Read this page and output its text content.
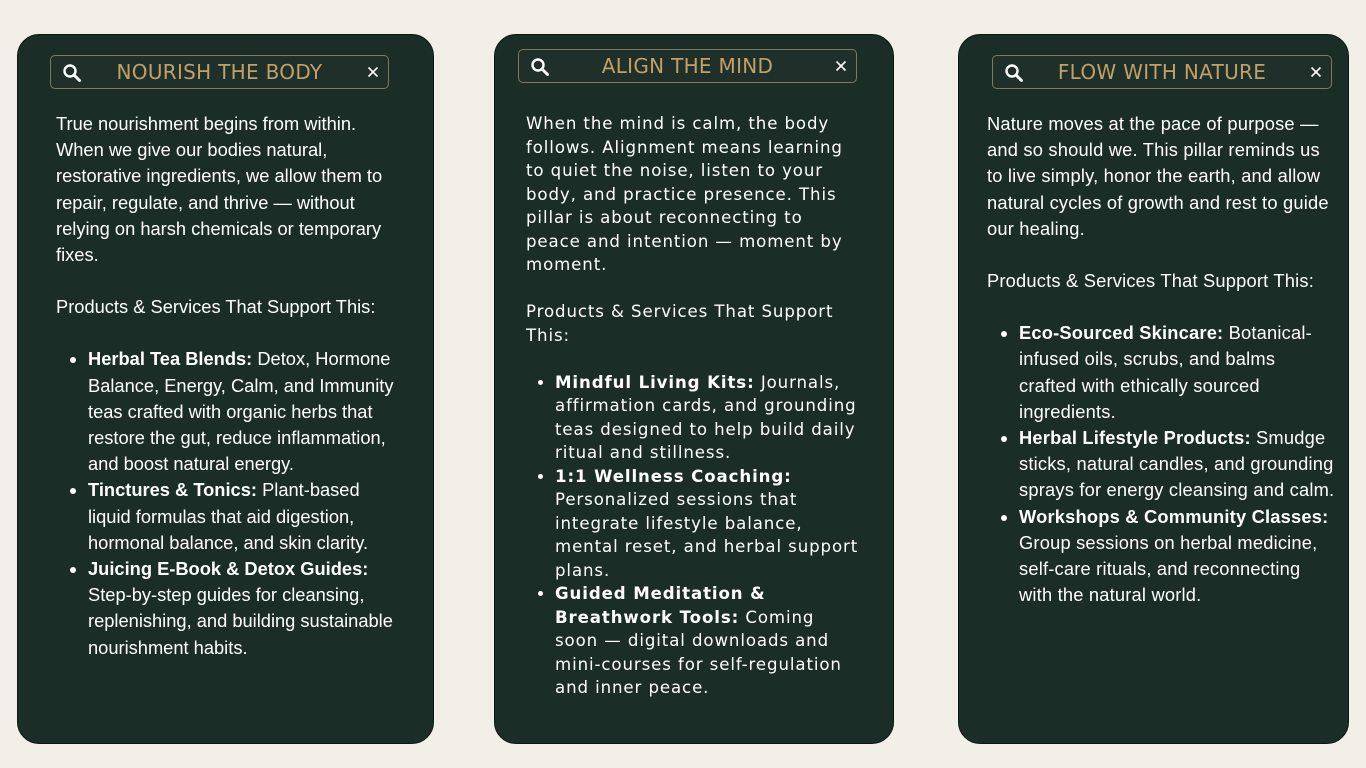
NOURISH THE BODY

True nourishment begins from within. When we give our bodies natural, restorative ingredients, we allow them to repair, regulate, and thrive — without relying on harsh chemicals or temporary fixes.

Products & Services That Support This:

• Herbal Tea Blends: Detox, Hormone Balance, Energy, Calm, and Immunity teas crafted with organic herbs that restore the gut, reduce inflammation, and boost natural energy.
• Tinctures & Tonics: Plant-based liquid formulas that aid digestion, hormonal balance, and skin clarity.
• Juicing E-Book & Detox Guides: Step-by-step guides for cleansing, replenishing, and building sustainable nourishment habits.
ALIGN THE MIND

When the mind is calm, the body follows. Alignment means learning to quiet the noise, listen to your body, and practice presence. This pillar is about reconnecting to peace and intention — moment by moment.

Products & Services That Support This:

• Mindful Living Kits: Journals, affirmation cards, and grounding teas designed to help build daily ritual and stillness.
• 1:1 Wellness Coaching: Personalized sessions that integrate lifestyle balance, mental reset, and herbal support plans.
• Guided Meditation & Breathwork Tools: Coming soon — digital downloads and mini-courses for self-regulation and inner peace.
FLOW WITH NATURE

Nature moves at the pace of purpose — and so should we. This pillar reminds us to live simply, honor the earth, and allow natural cycles of growth and rest to guide our healing.

Products & Services That Support This:

• Eco-Sourced Skincare: Botanical-infused oils, scrubs, and balms crafted with ethically sourced ingredients.
• Herbal Lifestyle Products: Smudge sticks, natural candles, and grounding sprays for energy cleansing and calm.
• Workshops & Community Classes: Group sessions on herbal medicine, self-care rituals, and reconnecting with the natural world.
